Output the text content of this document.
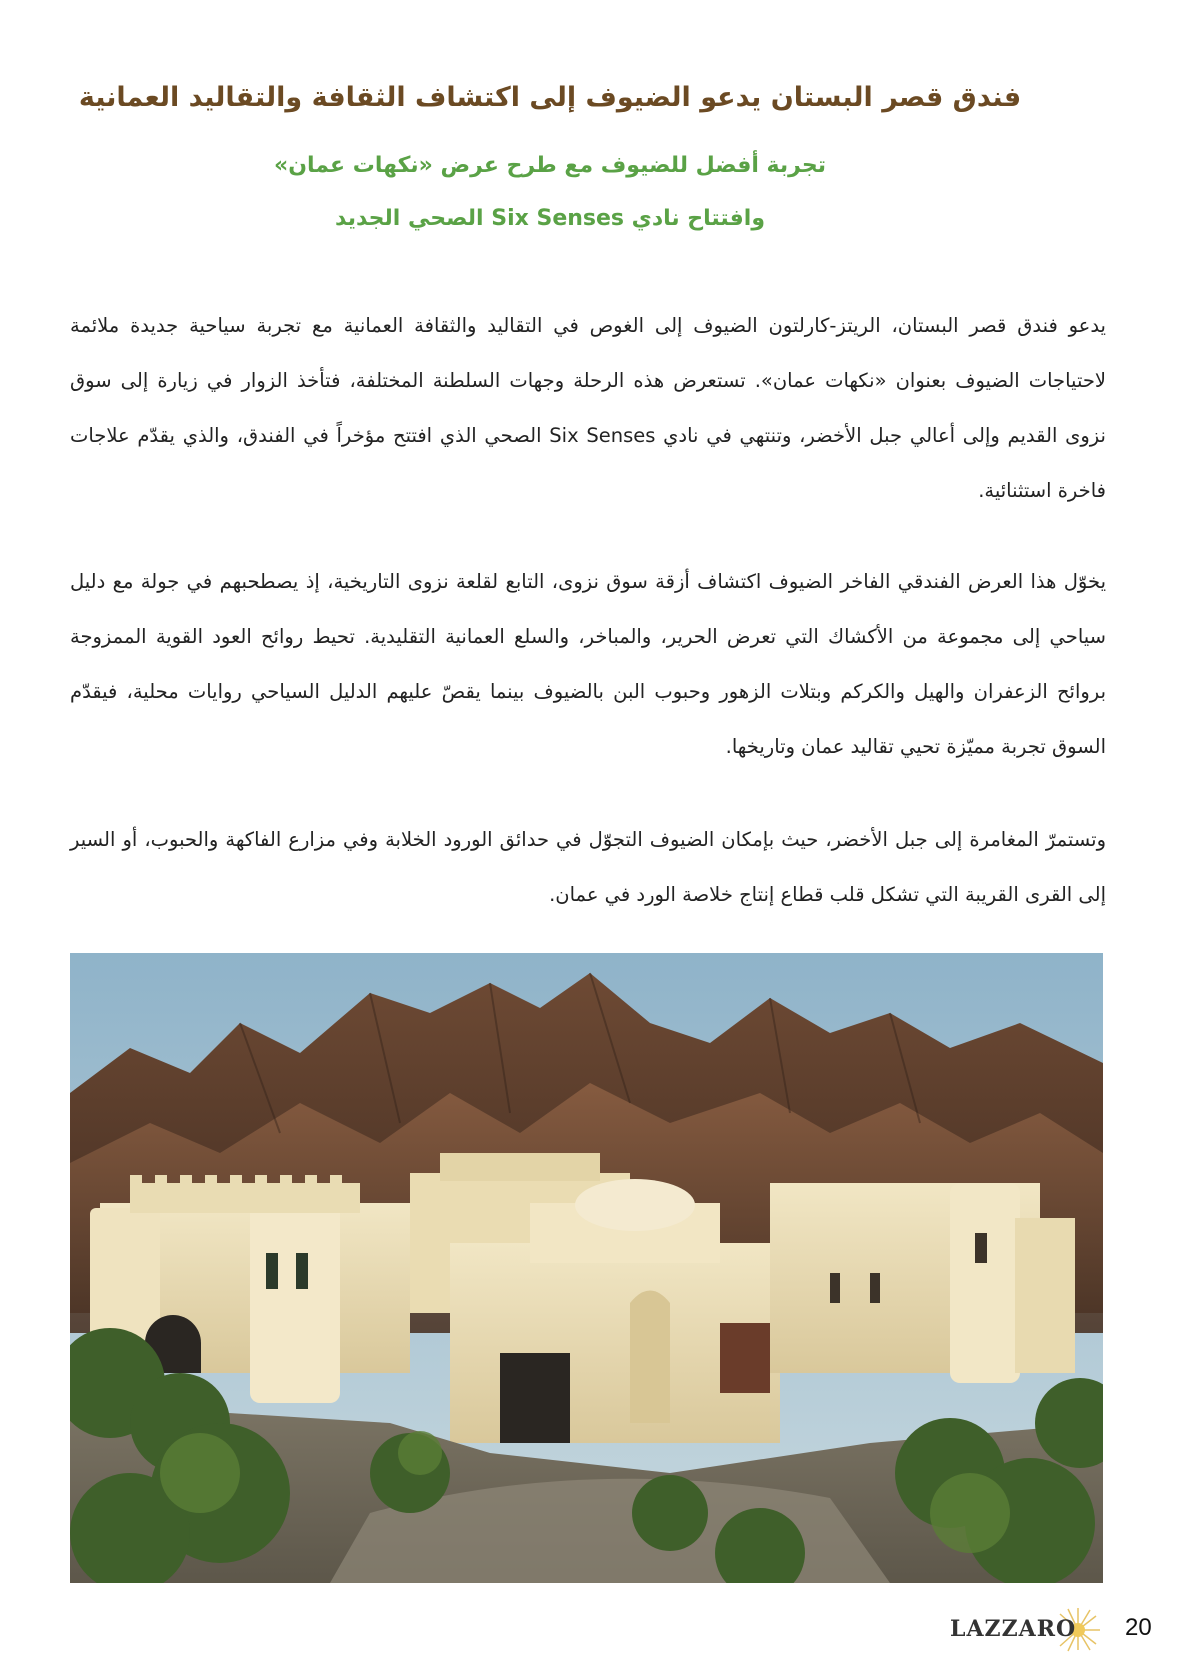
فندق قصر البستان يدعو الضيوف إلى اكتشاف الثقافة والتقاليد العمانية
تجربة أفضل للضيوف مع طرح عرض «نكهات عمان»
وافتتاح نادي Six Senses الصحي الجديد

يدعو فندق قصر البستان، الريتز-كارلتون الضيوف إلى الغوص في التقاليد والثقافة العمانية مع تجربة سياحية جديدة ملائمة لاحتياجات الضيوف بعنوان «نكهات عمان». تستعرض هذه الرحلة وجهات السلطنة المختلفة، فتأخذ الزوار في زيارة إلى سوق نزوى القديم وإلى أعالي جبل الأخضر، وتنتهي في نادي Six Senses الصحي الذي افتتح مؤخراً في الفندق، والذي يقدّم علاجات فاخرة استثنائية.

يخوّل هذا العرض الفندقي الفاخر الضيوف اكتشاف أزقة سوق نزوى، التابع لقلعة نزوى التاريخية، إذ يصطحبهم في جولة مع دليل سياحي إلى مجموعة من الأكشاك التي تعرض الحرير، والمباخر، والسلع العمانية التقليدية. تحيط روائح العود القوية الممزوجة بروائح الزعفران والهيل والكركم وبتلات الزهور وحبوب البن بالضيوف بينما يقصّ عليهم الدليل السياحي روايات محلية، فيقدّم السوق تجربة مميّزة تحيي تقاليد عمان وتاريخها.

وتستمرّ المغامرة إلى جبل الأخضر، حيث بإمكان الضيوف التجوّل في حدائق الورود الخلابة وفي مزارع الفاكهة والحبوب، أو السير إلى القرى القريبة التي تشكل قلب قطاع إنتاج خلاصة الورد في عمان.

LAZZARO 20
